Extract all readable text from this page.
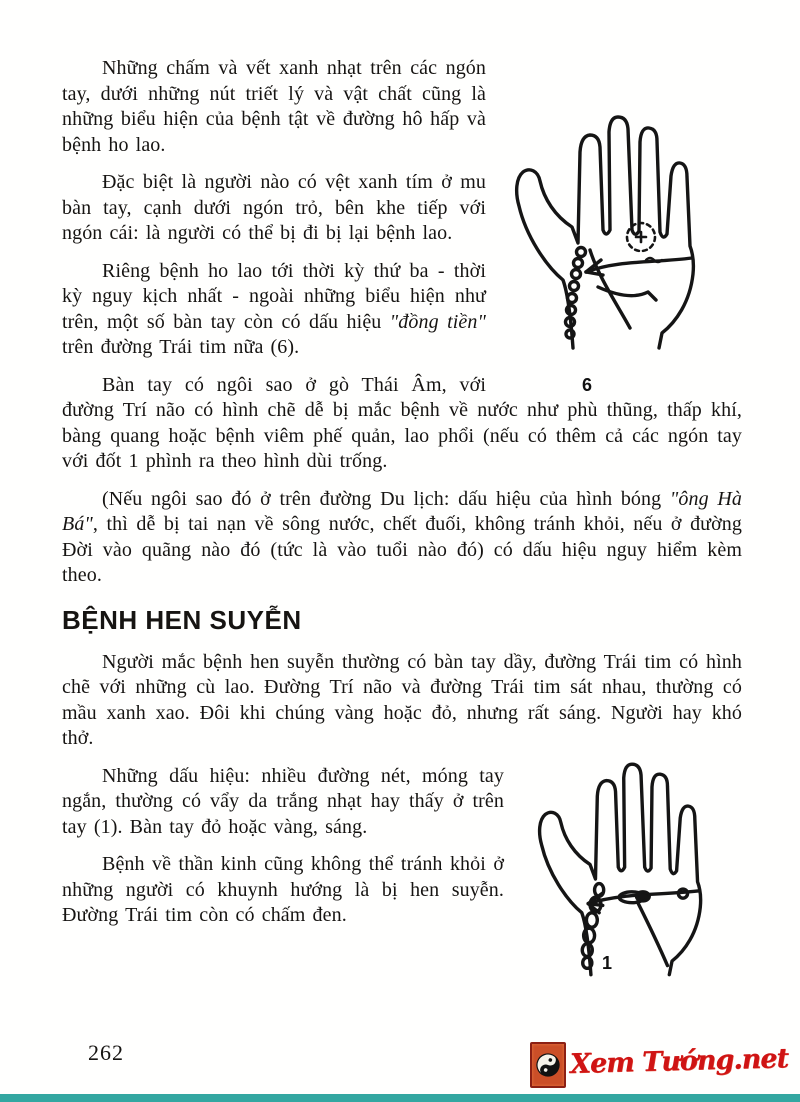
6

Những chấm và vết xanh nhạt trên các ngón tay, dưới những nút triết lý và vật chất cũng là những biểu hiện của bệnh tật về đường hô hấp và bệnh ho lao.

Đặc biệt là người nào có vệt xanh tím ở mu bàn tay, cạnh dưới ngón trỏ, bên khe tiếp với ngón cái: là người có thể bị đi bị lại bệnh lao.

Riêng bệnh ho lao tới thời kỳ thứ ba - thời kỳ nguy kịch nhất - ngoài những biểu hiện như trên, một số bàn tay còn có dấu hiệu "đồng tiền" trên đường Trái tim nữa (6).

Bàn tay có ngôi sao ở gò Thái Âm, với đường Trí não có hình chẽ dễ bị mắc bệnh về nước như phù thũng, thấp khí, bàng quang hoặc bệnh viêm phế quản, lao phổi (nếu có thêm cả các ngón tay với đốt 1 phình ra theo hình dùi trống.

(Nếu ngôi sao đó ở trên đường Du lịch: dấu hiệu của hình bóng "ông Hà Bá", thì dễ bị tai nạn về sông nước, chết đuối, không tránh khỏi, nếu ở đường Đời vào quãng nào đó (tức là vào tuổi nào đó) có dấu hiệu nguy hiểm kèm theo.

BỆNH HEN SUYỄN

Người mắc bệnh hen suyễn thường có bàn tay dầy, đường Trái tim có hình chẽ với những cù lao. Đường Trí não và đường Trái tim sát nhau, thường có mầu xanh xao. Đôi khi chúng vàng hoặc đỏ, nhưng rất sáng. Người hay khó thở.

1

Những dấu hiệu: nhiều đường nét, móng tay ngắn, thường có vẩy da trắng nhạt hay thấy ở trên tay (1). Bàn tay đỏ hoặc vàng, sáng.

Bệnh về thần kinh cũng không thể tránh khỏi ở những người có khuynh hướng là bị hen suyễn. Đường Trái tim còn có chấm đen.

262	Xem Tướng.net
